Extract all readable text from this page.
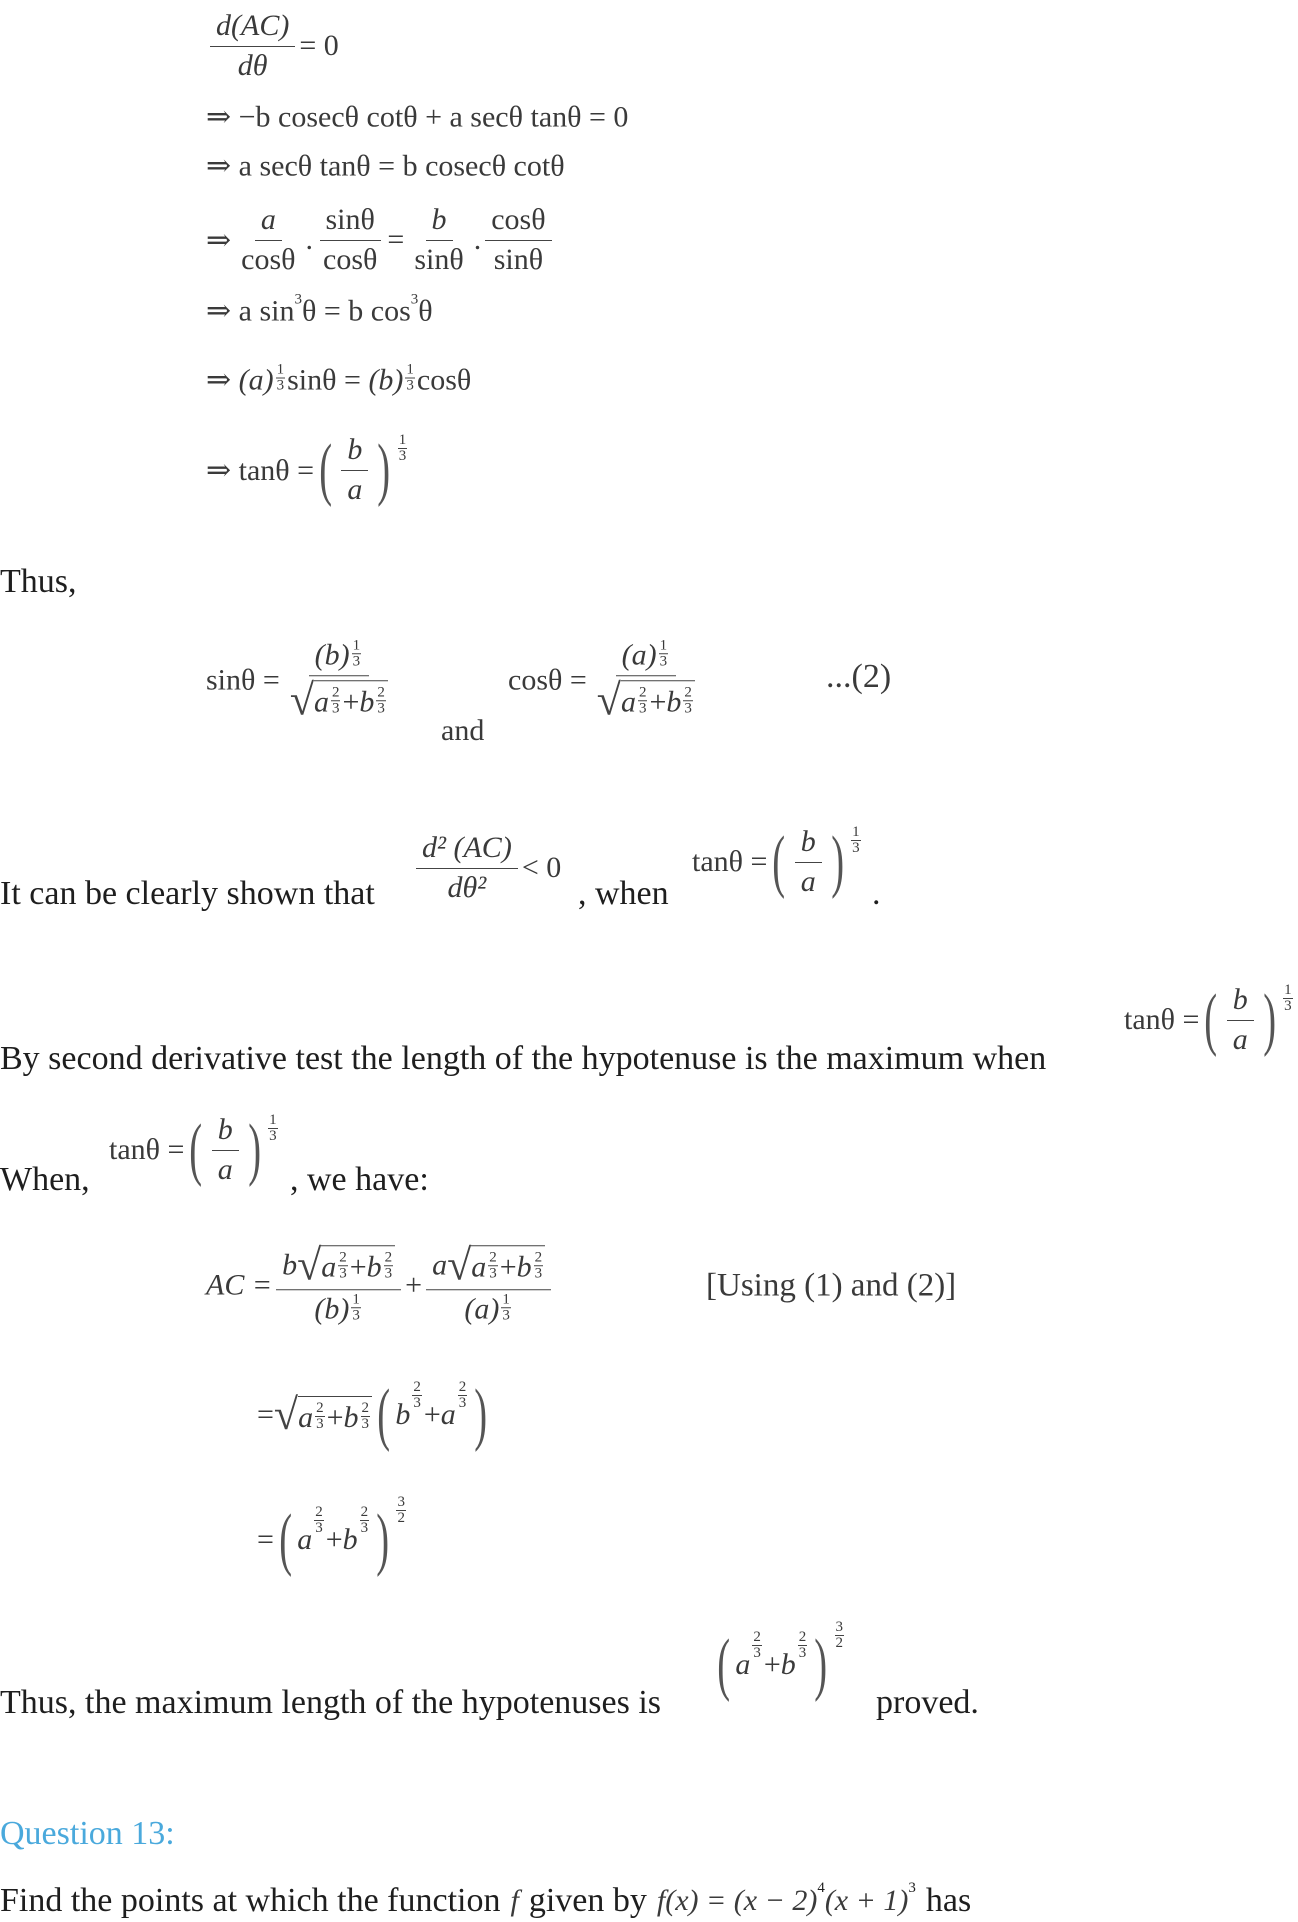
$\frac{d(AC)}{d\theta} = 0$
⇒ −b cosecθ cotθ + a secθ tanθ = 0
⇒ a secθ tanθ = b cosecθ cotθ
⇒ $\frac{a}{\cos\theta}$ . $\frac{\sin\theta}{\cos\theta} = \frac{b}{\sin\theta}$ . $\frac{\cos\theta}{\sin\theta}$
⇒ a sin 3 θ = b cos 3 θ
⇒
$(a) \frac{1}{3}$ sinθ =
$(b) \frac{1}{3}$ cosθ
⇒ tanθ = ( $\frac{b}{a}$ ) $\frac{1}{3}$
Thus,
$\sin\theta = \frac{(b) \frac{1}{3}}{√ a \frac{2}{3} + b \frac{2}{3}}$
and
$\cos\theta = \frac{(a) \frac{1}{3}}{√ a \frac{2}{3} + b \frac{2}{3}}$	...(2)
It can be clearly shown that $\frac{\text{d² (AC)}}{\text{dθ²}} < 0$
, when
tanθ = ( $\frac{b}{a}$ ) $\frac{1}{3}$
.
By second derivative test the length of the hypotenuse is the maximum when
tanθ = ( $\frac{b}{a}$ ) $\frac{1}{3}$
When,
tanθ = ( $\frac{b}{a}$ ) $\frac{1}{3}$
, we have:
AC = $\frac{b √ a \frac{2}{3} + b \frac{2}{3}}{(b) \frac{1}{3}} + \frac{a √ a \frac{2}{3} + b \frac{2}{3}}{(a) \frac{1}{3}}$	[Using (1) and (2)]
= √ a $\frac{2}{3} + b \frac{2}{3}$ ( b
$\frac{2}{3}$
+ a
$\frac{2}{3}$ )
= ( a
$\frac{2}{3}$
+ b
$\frac{2}{3}$ ) 3
2
Thus, the maximum length of the hypotenuses is ( a
$\frac{2}{3}$
+ b
$\frac{2}{3}$ ) 3
2
proved.
Question 13:
Find the points at which the function f given by f(x) = (x − 2) 4 (x + 1) 3 has
